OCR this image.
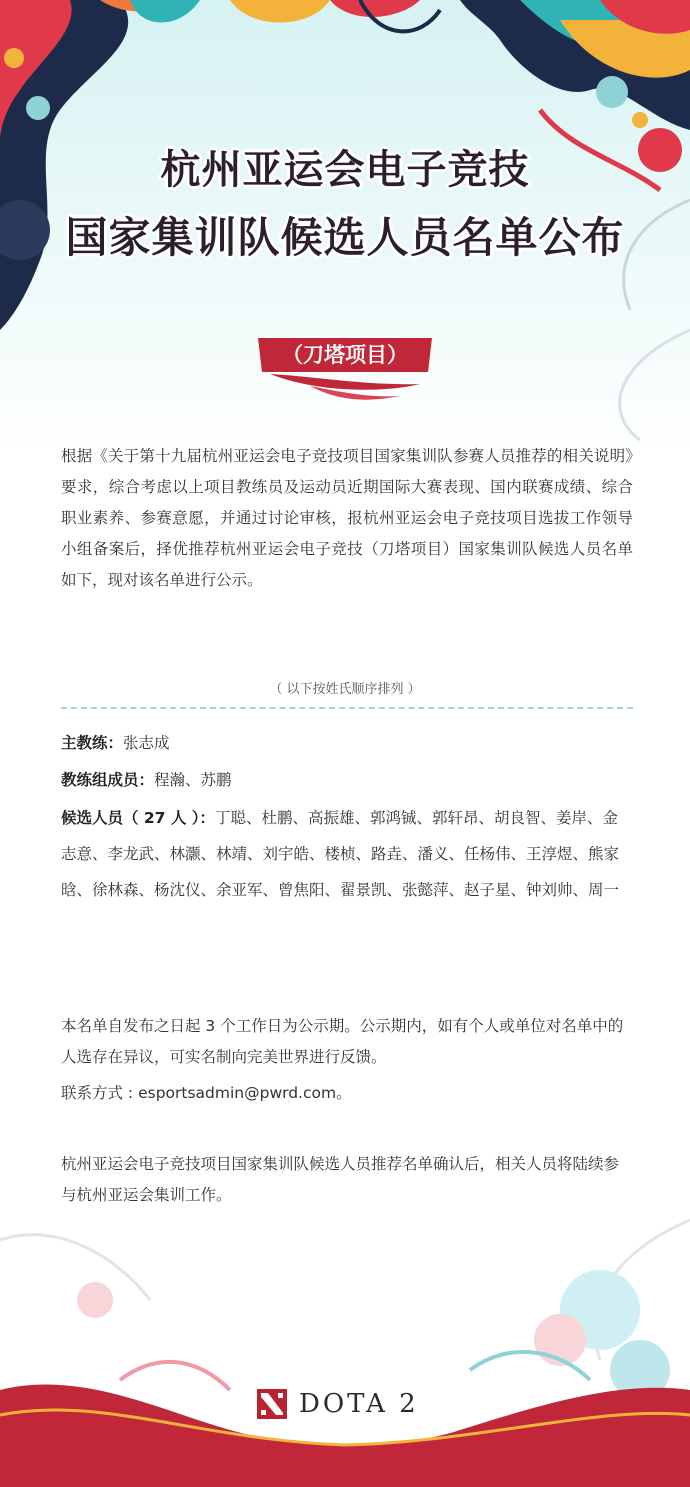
杭州亚运会电子竞技
国家集训队候选人员名单公布
（刀塔项目）
根据《关于第十九届杭州亚运会电子竞技项目国家集训队参赛人员推荐的相关说明》要求，综合考虑以上项目教练员及运动员近期国际大赛表现、国内联赛成绩、综合职业素养、参赛意愿，并通过讨论审核，报杭州亚运会电子竞技项目选拔工作领导小组备案后，择优推荐杭州亚运会电子竞技（刀塔项目）国家集训队候选人员名单如下，现对该名单进行公示。
（ 以下按姓氏顺序排列 ）
主教练：张志成
教练组成员：程瀚、苏鹏
候选人员（ 27 人 ）：丁聪、杜鹏、高振雄、郭鸿铖、郭轩昂、胡良智、姜岸、金志意、李龙武、林灏、林靖、刘宇皓、楼桢、路垚、潘义、任杨伟、王淳煜、熊家晗、徐林森、杨沈仪、余亚军、曾焦阳、翟景凯、张懿萍、赵子星、钟刘帅、周一
本名单自发布之日起 3 个工作日为公示期。公示期内，如有个人或单位对名单中的人选存在异议，可实名制向完美世界进行反馈。
联系方式 : esportsadmin@pwrd.com。
杭州亚运会电子竞技项目国家集训队候选人员推荐名单确认后，相关人员将陆续参与杭州亚运会集训工作。
DOTA 2
